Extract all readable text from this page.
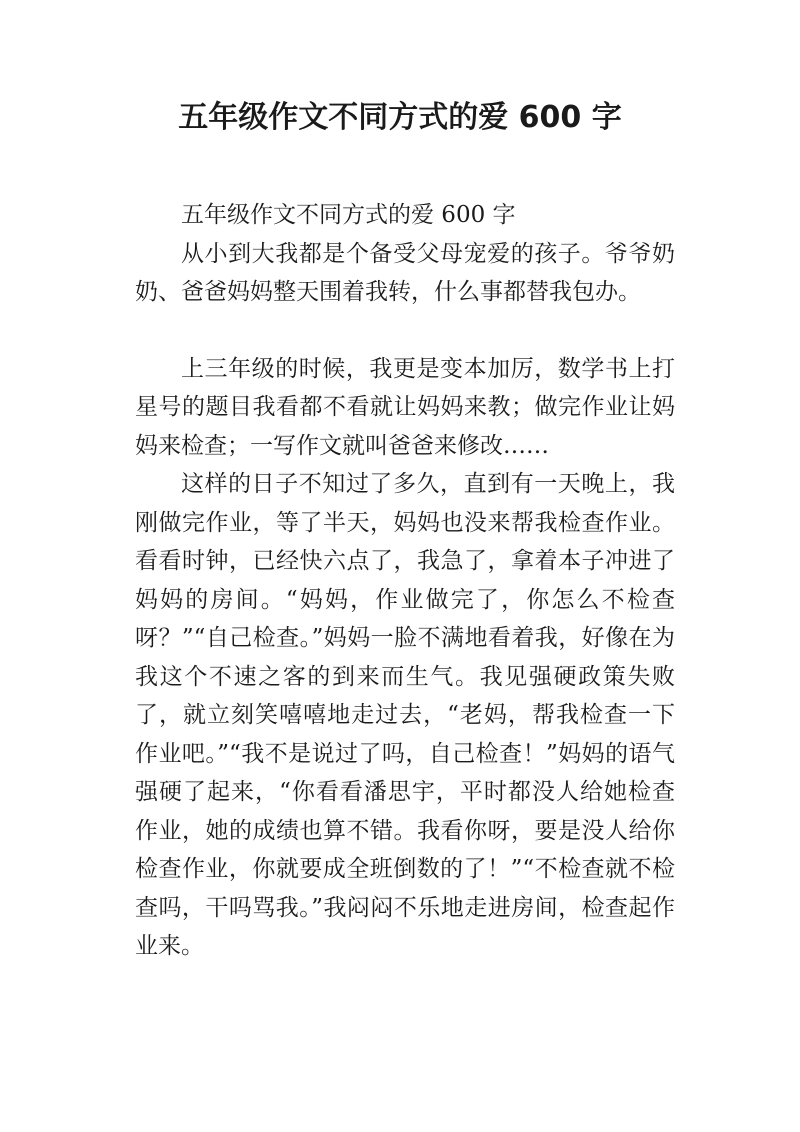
五年级作文不同方式的爱 600 字

五年级作文不同方式的爱 600 字

从小到大我都是个备受父母宠爱的孩子。爷爷奶奶、爸爸妈妈整天围着我转，什么事都替我包办。

上三年级的时候，我更是变本加厉，数学书上打星号的题目我看都不看就让妈妈来教；做完作业让妈妈来检查；一写作文就叫爸爸来修改……

这样的日子不知过了多久，直到有一天晚上，我刚做完作业，等了半天，妈妈也没来帮我检查作业。看看时钟，已经快六点了，我急了，拿着本子冲进了妈妈的房间。“妈妈，作业做完了，你怎么不检查呀？”“自己检查。”妈妈一脸不满地看着我，好像在为我这个不速之客的到来而生气。我见强硬政策失败了，就立刻笑嘻嘻地走过去，“老妈，帮我检查一下作业吧。”“我不是说过了吗，自己检查！”妈妈的语气强硬了起来，“你看看潘思宇，平时都没人给她检查作业，她的成绩也算不错。我看你呀，要是没人给你检查作业，你就要成全班倒数的了！”“不检查就不检查吗，干吗骂我。”我闷闷不乐地走进房间，检查起作业来。
